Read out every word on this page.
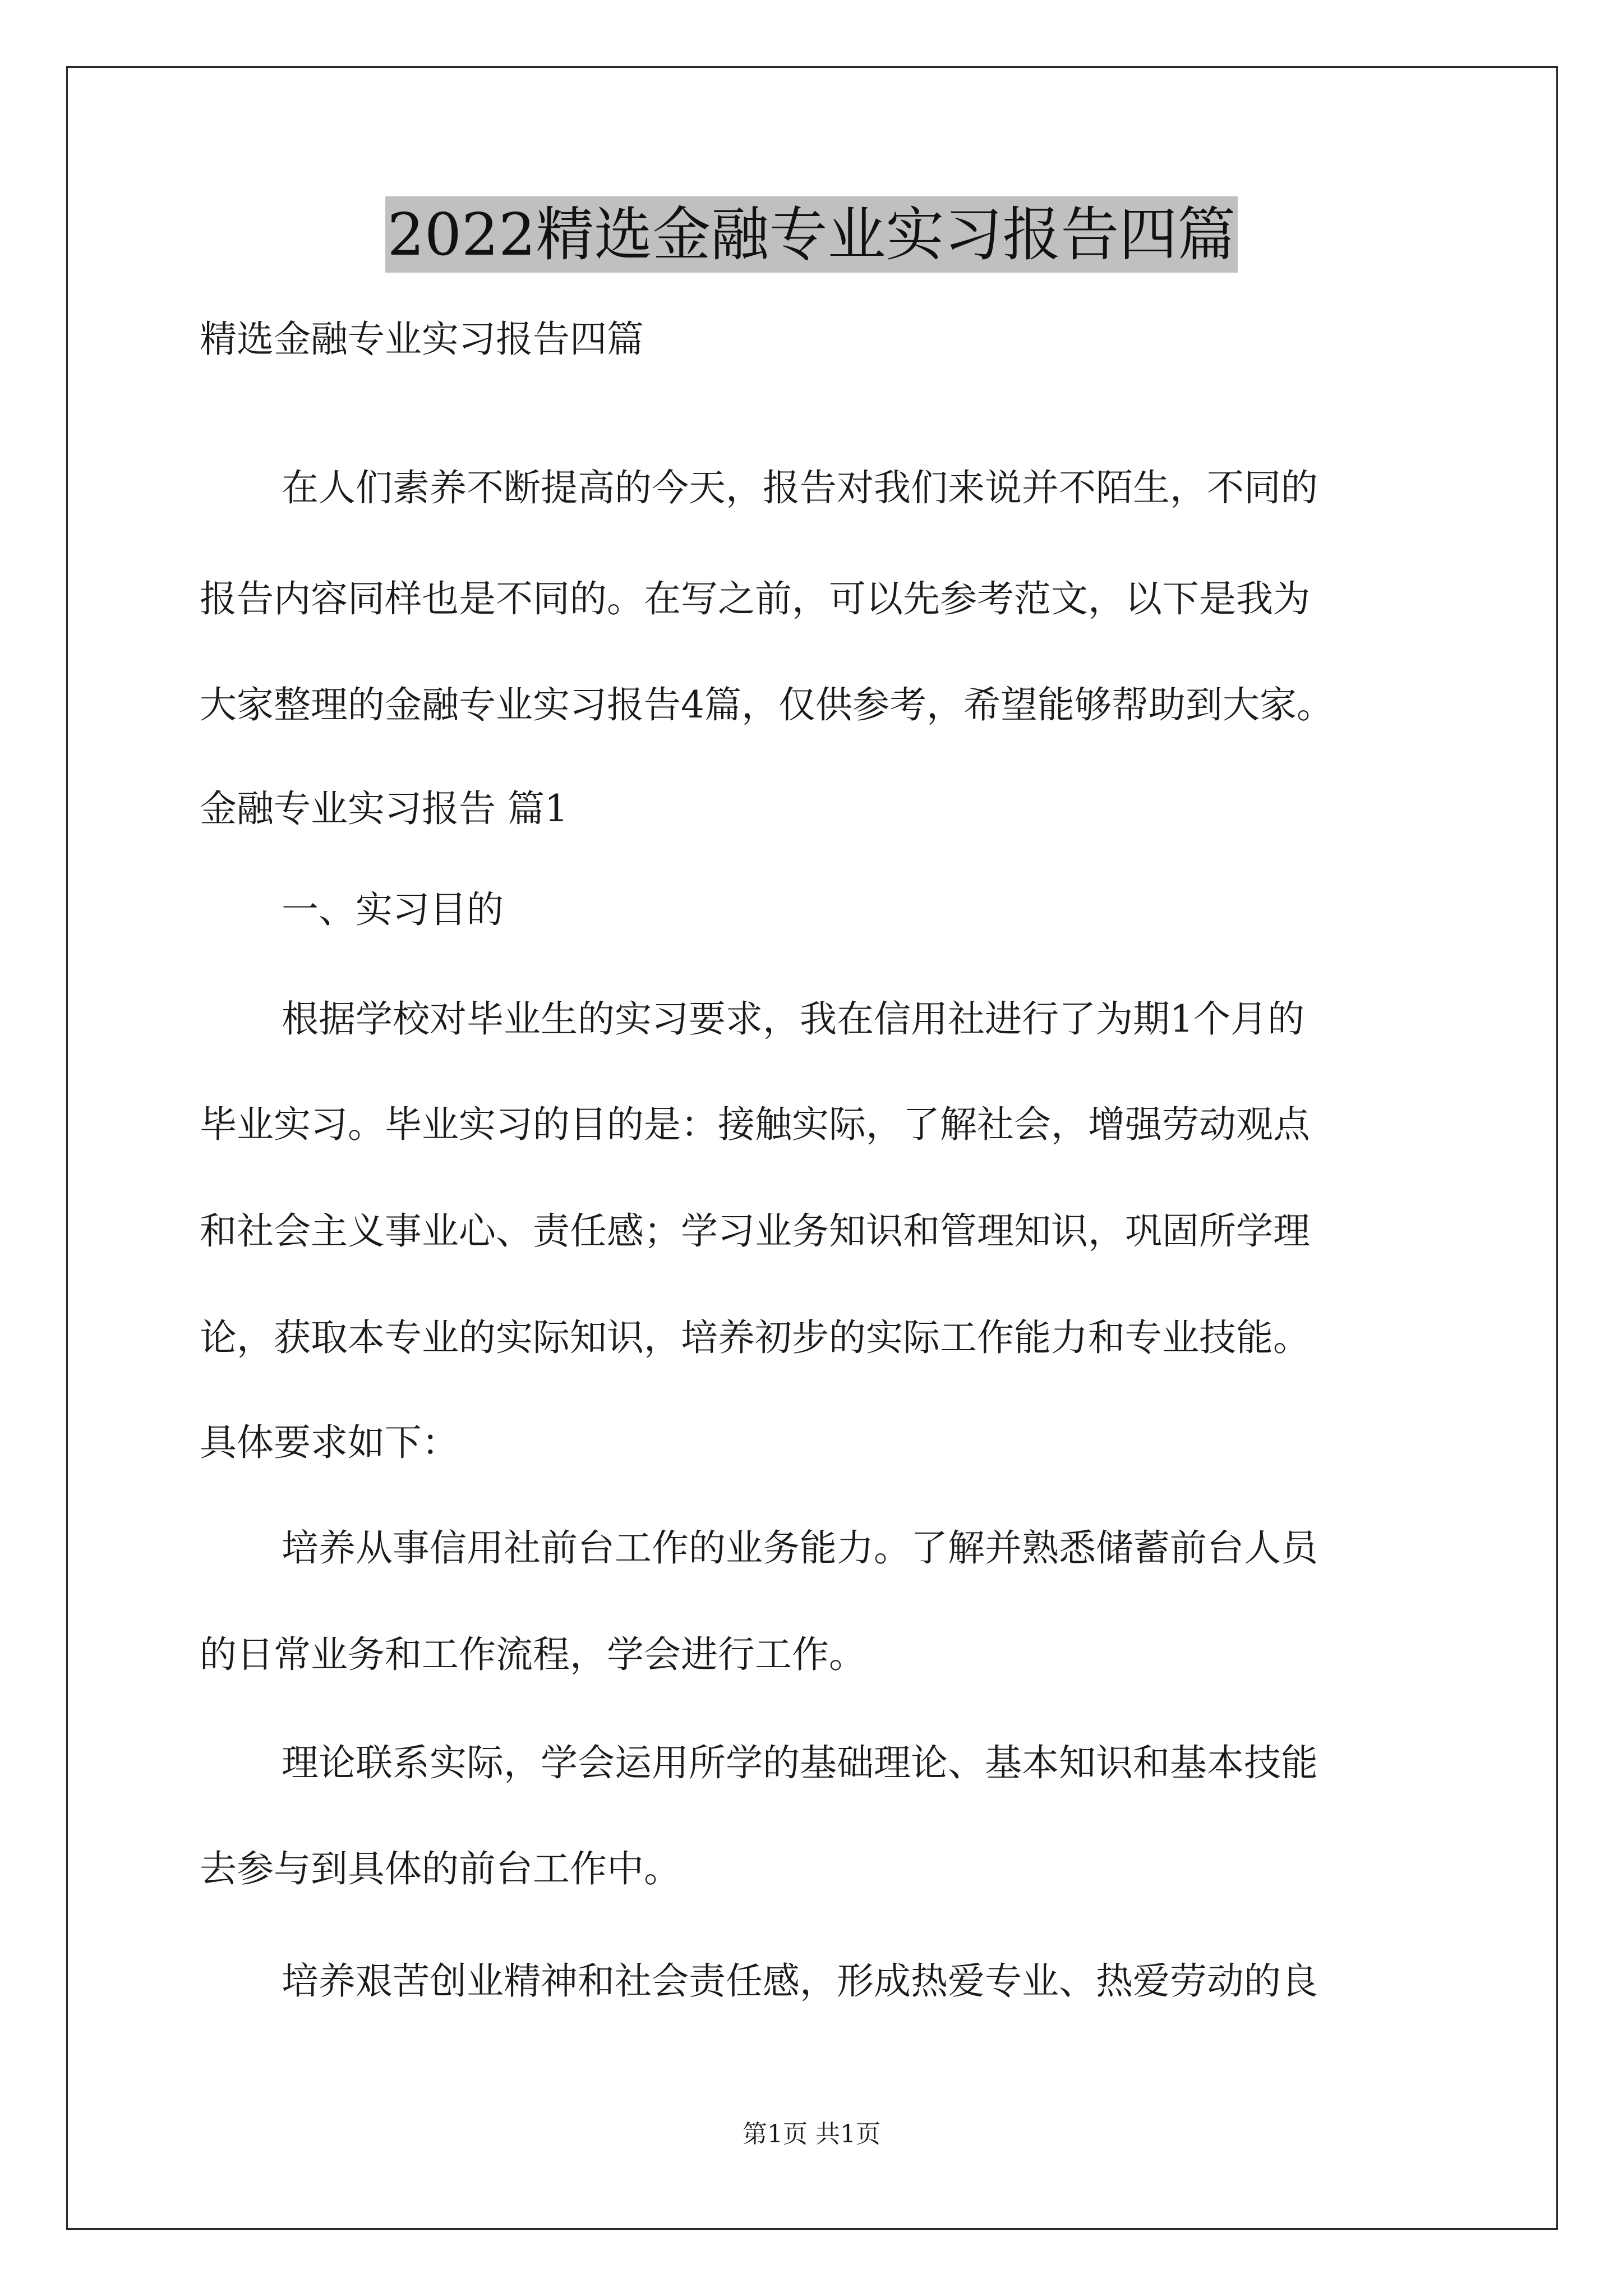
2022精选金融专业实习报告四篇
精选金融专业实习报告四篇
在人们素养不断提高的今天，报告对我们来说并不陌生，不同的
报告内容同样也是不同的。在写之前，可以先参考范文，以下是我为
大家整理的金融专业实习报告4篇，仅供参考，希望能够帮助到大家。
金融专业实习报告 篇1
一、实习目的
根据学校对毕业生的实习要求，我在信用社进行了为期1个月的
毕业实习。毕业实习的目的是：接触实际，了解社会，增强劳动观点
和社会主义事业心、责任感；学习业务知识和管理知识，巩固所学理
论，获取本专业的实际知识，培养初步的实际工作能力和专业技能。
具体要求如下：
培养从事信用社前台工作的业务能力。了解并熟悉储蓄前台人员
的日常业务和工作流程，学会进行工作。
理论联系实际，学会运用所学的基础理论、基本知识和基本技能
去参与到具体的前台工作中。
培养艰苦创业精神和社会责任感，形成热爱专业、热爱劳动的良
第1页 共1页
